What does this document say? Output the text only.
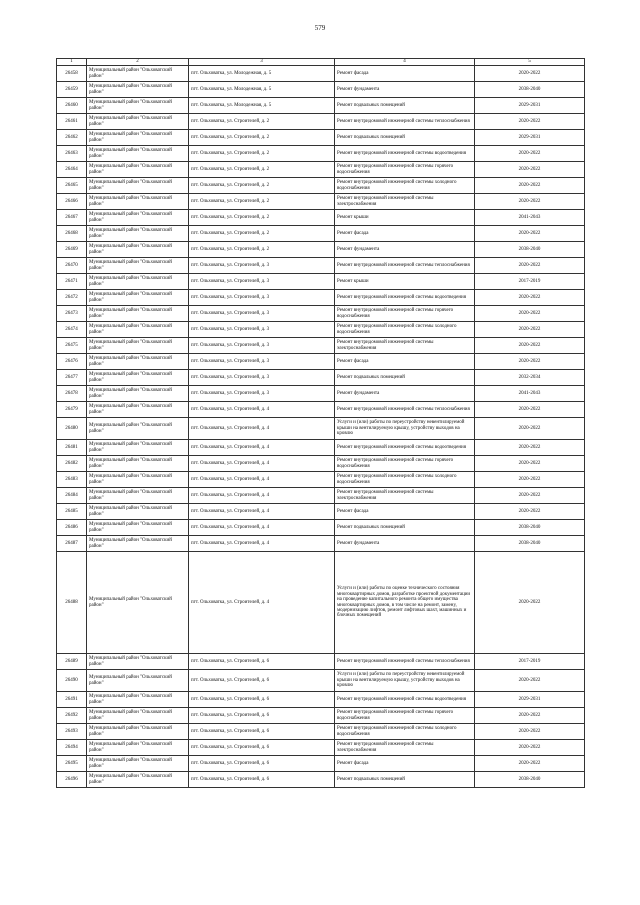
579
1	2	3	4	5
26458	Муниципальный район "Ольховатский район"	пгт. Ольховатка, ул. Молодежная, д. 5	Ремонт фасада	2020-2022
26459	Муниципальный район "Ольховатский район"	пгт. Ольховатка, ул. Молодежная, д. 5	Ремонт фундамента	2038-2040
26460	Муниципальный район "Ольховатский район"	пгт. Ольховатка, ул. Молодежная, д. 5	Ремонт подвальных помещений	2029-2031
26461	Муниципальный район "Ольховатский район"	пгт. Ольховатка, ул. Строителей, д. 2	Ремонт внутридомовой инженерной системы теплоснабжения	2020-2022
26462	Муниципальный район "Ольховатский район"	пгт. Ольховатка, ул. Строителей, д. 2	Ремонт подвальных помещений	2029-2031
26463	Муниципальный район "Ольховатский район"	пгт. Ольховатка, ул. Строителей, д. 2	Ремонт внутридомовой инженерной системы водоотведения	2020-2022
26464	Муниципальный район "Ольховатский район"	пгт. Ольховатка, ул. Строителей, д. 2	Ремонт внутридомовой инженерной системы горячего водоснабжения	2020-2022
26465	Муниципальный район "Ольховатский район"	пгт. Ольховатка, ул. Строителей, д. 2	Ремонт внутридомовой инженерной системы холодного водоснабжения	2020-2022
26466	Муниципальный район "Ольховатский район"	пгт. Ольховатка, ул. Строителей, д. 2	Ремонт внутридомовой инженерной системы электроснабжения	2020-2022
26467	Муниципальный район "Ольховатский район"	пгт. Ольховатка, ул. Строителей, д. 2	Ремонт крыши	2041-2043
26468	Муниципальный район "Ольховатский район"	пгт. Ольховатка, ул. Строителей, д. 2	Ремонт фасада	2020-2022
26469	Муниципальный район "Ольховатский район"	пгт. Ольховатка, ул. Строителей, д. 2	Ремонт фундамента	2038-2040
26470	Муниципальный район "Ольховатский район"	пгт. Ольховатка, ул. Строителей, д. 3	Ремонт внутридомовой инженерной системы теплоснабжения	2020-2022
26471	Муниципальный район "Ольховатский район"	пгт. Ольховатка, ул. Строителей, д. 3	Ремонт крыши	2017-2019
26472	Муниципальный район "Ольховатский район"	пгт. Ольховатка, ул. Строителей, д. 3	Ремонт внутридомовой инженерной системы водоотведения	2020-2022
26473	Муниципальный район "Ольховатский район"	пгт. Ольховатка, ул. Строителей, д. 3	Ремонт внутридомовой инженерной системы горячего водоснабжения	2020-2022
26474	Муниципальный район "Ольховатский район"	пгт. Ольховатка, ул. Строителей, д. 3	Ремонт внутридомовой инженерной системы холодного водоснабжения	2020-2022
26475	Муниципальный район "Ольховатский район"	пгт. Ольховатка, ул. Строителей, д. 3	Ремонт внутридомовой инженерной системы электроснабжения	2020-2022
26476	Муниципальный район "Ольховатский район"	пгт. Ольховатка, ул. Строителей, д. 3	Ремонт фасада	2020-2022
26477	Муниципальный район "Ольховатский район"	пгт. Ольховатка, ул. Строителей, д. 3	Ремонт подвальных помещений	2032-2034
26478	Муниципальный район "Ольховатский район"	пгт. Ольховатка, ул. Строителей, д. 3	Ремонт фундамента	2041-2043
26479	Муниципальный район "Ольховатский район"	пгт. Ольховатка, ул. Строителей, д. 4	Ремонт внутридомовой инженерной системы теплоснабжения	2020-2022
26480	Муниципальный район "Ольховатский район"	пгт. Ольховатка, ул. Строителей, д. 4	Услуги и (или) работы по переустройству невентилируемой крыши на вентилируемую крышу, устройству выходов на кровлю	2020-2022
26481	Муниципальный район "Ольховатский район"	пгт. Ольховатка, ул. Строителей, д. 4	Ремонт внутридомовой инженерной системы водоотведения	2020-2022
26482	Муниципальный район "Ольховатский район"	пгт. Ольховатка, ул. Строителей, д. 4	Ремонт внутридомовой инженерной системы горячего водоснабжения	2020-2022
26483	Муниципальный район "Ольховатский район"	пгт. Ольховатка, ул. Строителей, д. 4	Ремонт внутридомовой инженерной системы холодного водоснабжения	2020-2022
26484	Муниципальный район "Ольховатский район"	пгт. Ольховатка, ул. Строителей, д. 4	Ремонт внутридомовой инженерной системы электроснабжения	2020-2022
26485	Муниципальный район "Ольховатский район"	пгт. Ольховатка, ул. Строителей, д. 4	Ремонт фасада	2020-2022
26486	Муниципальный район "Ольховатский район"	пгт. Ольховатка, ул. Строителей, д. 4	Ремонт подвальных помещений	2038-2040
26487	Муниципальный район "Ольховатский район"	пгт. Ольховатка, ул. Строителей, д. 4	Ремонт фундамента	2038-2040
26488	Муниципальный район "Ольховатский район"	пгт. Ольховатка, ул. Строителей, д. 4	Услуги и (или) работы по оценке технического состояния многоквартирных домов, разработке проектной документации на проведение капитального ремонта общего имущества многоквартирных домов, в том числе на ремонт, замену, модернизацию лифтов, ремонт лифтовых шахт, машинных и блочных помещений	2020-2022
26489	Муниципальный район "Ольховатский район"	пгт. Ольховатка, ул. Строителей, д. 6	Ремонт внутридомовой инженерной системы теплоснабжения	2017-2019
26490	Муниципальный район "Ольховатский район"	пгт. Ольховатка, ул. Строителей, д. 6	Услуги и (или) работы по переустройству невентилируемой крыши на вентилируемую крышу, устройству выходов на кровлю	2020-2022
26491	Муниципальный район "Ольховатский район"	пгт. Ольховатка, ул. Строителей, д. 6	Ремонт внутридомовой инженерной системы водоотведения	2029-2031
26492	Муниципальный район "Ольховатский район"	пгт. Ольховатка, ул. Строителей, д. 6	Ремонт внутридомовой инженерной системы горячего водоснабжения	2020-2022
26493	Муниципальный район "Ольховатский район"	пгт. Ольховатка, ул. Строителей, д. 6	Ремонт внутридомовой инженерной системы холодного водоснабжения	2020-2022
26494	Муниципальный район "Ольховатский район"	пгт. Ольховатка, ул. Строителей, д. 6	Ремонт внутридомовой инженерной системы электроснабжения	2020-2022
26495	Муниципальный район "Ольховатский район"	пгт. Ольховатка, ул. Строителей, д. 6	Ремонт фасада	2020-2022
26496	Муниципальный район "Ольховатский район"	пгт. Ольховатка, ул. Строителей, д. 6	Ремонт подвальных помещений	2038-2040
